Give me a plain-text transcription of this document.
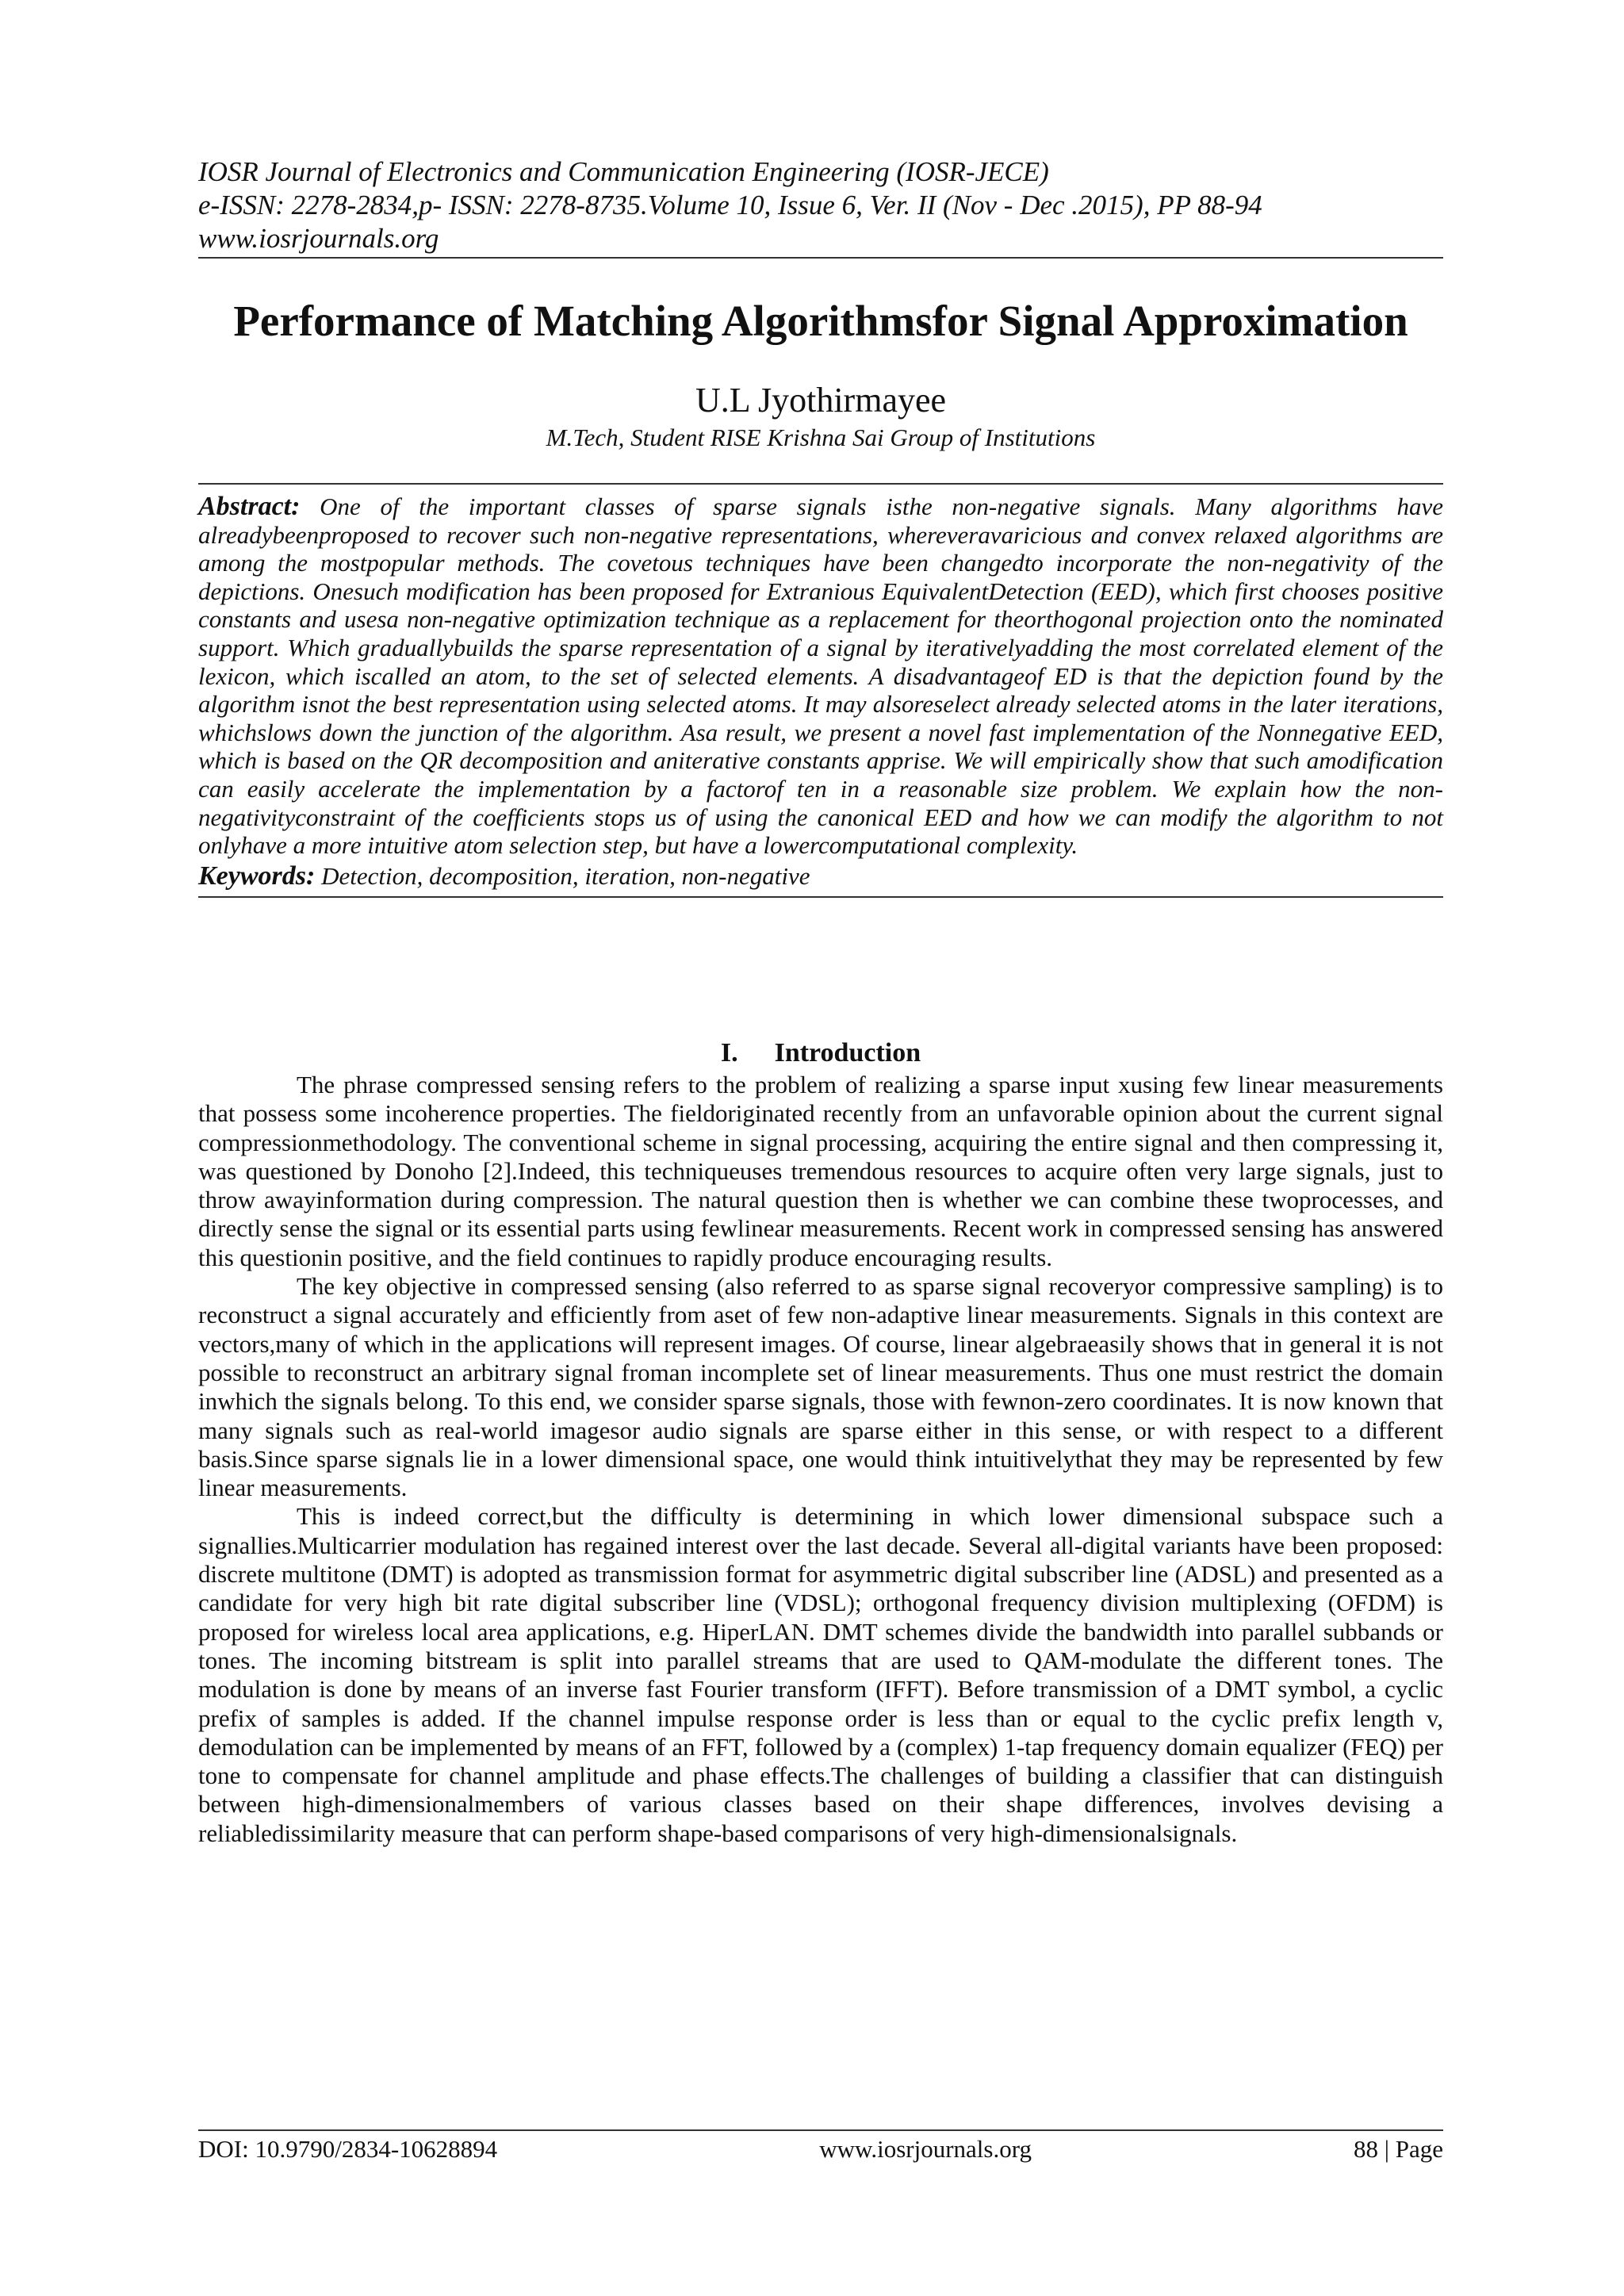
IOSR Journal of Electronics and Communication Engineering (IOSR-JECE)
e-ISSN: 2278-2834,p- ISSN: 2278-8735.Volume 10, Issue 6, Ver. II (Nov - Dec .2015), PP 88-94
www.iosrjournals.org
Performance of Matching Algorithmsfor Signal Approximation
U.L Jyothirmayee
M.Tech, Student RISE Krishna Sai Group of Institutions

Abstract: One of the important classes of sparse signals isthe non-negative signals. Many algorithms have alreadybeenproposed to recover such non-negative representations, whereveravaricious and convex relaxed algorithms are among the mostpopular methods. The covetous techniques have been changedto incorporate the non-negativity of the depictions. Onesuch modification has been proposed for Extranious EquivalentDetection (EED), which first chooses positive constants and usesa non-negative optimization technique as a replacement for theorthogonal projection onto the nominated support. Which graduallybuilds the sparse representation of a signal by iterativelyadding the most correlated element of the lexicon, which iscalled an atom, to the set of selected elements. A disadvantageof ED is that the depiction found by the algorithm isnot the best representation using selected atoms. It may alsoreselect already selected atoms in the later iterations, whichslows down the junction of the algorithm. Asa result, we present a novel fast implementation of the Nonnegative EED, which is based on the QR decomposition and aniterative constants apprise. We will empirically show that such amodification can easily accelerate the implementation by a factorof ten in a reasonable size problem. We explain how the non-negativityconstraint of the coefficients stops us of using the canonical EED and how we can modify the algorithm to not onlyhave a more intuitive atom selection step, but have a lowercomputational complexity.

Keywords: Detection, decomposition, iteration, non-negative

I. Introduction

The phrase compressed sensing refers to the problem of realizing a sparse input xusing few linear measurements that possess some incoherence properties. The fieldoriginated recently from an unfavorable opinion about the current signal compressionmethodology. The conventional scheme in signal processing, acquiring the entire signal and then compressing it, was questioned by Donoho [2].Indeed, this techniqueuses tremendous resources to acquire often very large signals, just to throw awayinformation during compression. The natural question then is whether we can combine these twoprocesses, and directly sense the signal or its essential parts using fewlinear measurements. Recent work in compressed sensing has answered this questionin positive, and the field continues to rapidly produce encouraging results.

The key objective in compressed sensing (also referred to as sparse signal recoveryor compressive sampling) is to reconstruct a signal accurately and efficiently from aset of few non-adaptive linear measurements. Signals in this context are vectors,many of which in the applications will represent images. Of course, linear algebraeasily shows that in general it is not possible to reconstruct an arbitrary signal froman incomplete set of linear measurements. Thus one must restrict the domain inwhich the signals belong. To this end, we consider sparse signals, those with fewnon-zero coordinates. It is now known that many signals such as real-world imagesor audio signals are sparse either in this sense, or with respect to a different basis.Since sparse signals lie in a lower dimensional space, one would think intuitivelythat they may be represented by few linear measurements.

This is indeed correct,but the difficulty is determining in which lower dimensional subspace such a signallies.Multicarrier modulation has regained interest over the last decade. Several all-digital variants have been proposed: discrete multitone (DMT) is adopted as transmission format for asymmetric digital subscriber line (ADSL) and presented as a candidate for very high bit rate digital subscriber line (VDSL); orthogonal frequency division multiplexing (OFDM) is proposed for wireless local area applications, e.g. HiperLAN. DMT schemes divide the bandwidth into parallel subbands or tones. The incoming bitstream is split into parallel streams that are used to QAM-modulate the different tones. The modulation is done by means of an inverse fast Fourier transform (IFFT). Before transmission of a DMT symbol, a cyclic prefix of samples is added. If the channel impulse response order is less than or equal to the cyclic prefix length v, demodulation can be implemented by means of an FFT, followed by a (complex) 1-tap frequency domain equalizer (FEQ) per tone to compensate for channel amplitude and phase effects.The challenges of building a classifier that can distinguish between high-dimensionalmembers of various classes based on their shape differences, involves devising a reliabledissimilarity measure that can perform shape-based comparisons of very high-dimensionalsignals.

DOI: 10.9790/2834-10628894	www.iosrjournals.org	88 | Page
